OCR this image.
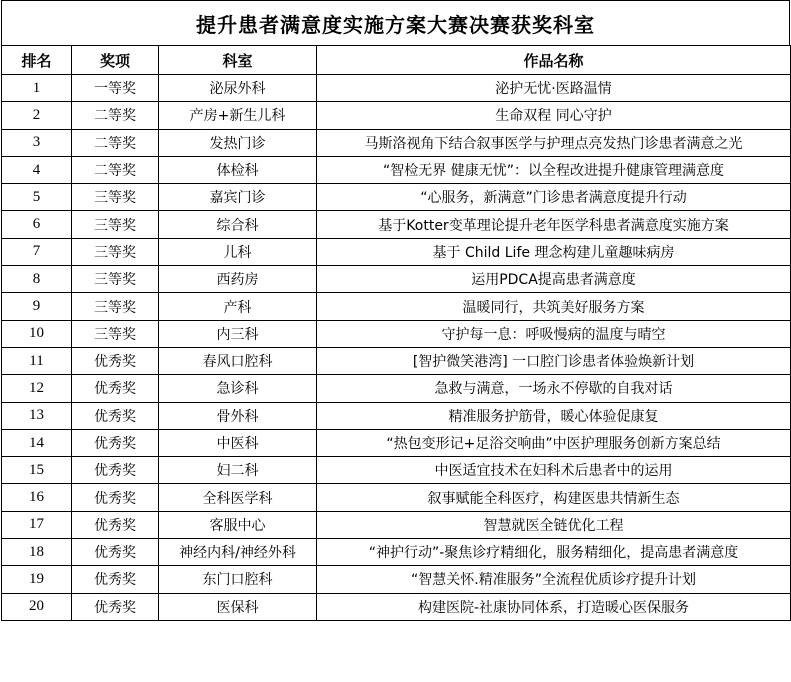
提升患者满意度实施方案大赛决赛获奖科室
排名	奖项	科室	作品名称
1	一等奖	泌尿外科	泌护无忧·医路温情
2	二等奖	产房+新生儿科	生命双程 同心守护
3	二等奖	发热门诊	马斯洛视角下结合叙事医学与护理点亮发热门诊患者满意之光
4	二等奖	体检科	“智检无界 健康无忧”：以全程改进提升健康管理满意度
5	三等奖	嘉宾门诊	“心服务，新满意”门诊患者满意度提升行动
6	三等奖	综合科	基于Kotter变革理论提升老年医学科患者满意度实施方案
7	三等奖	儿科	基于 Child Life 理念构建儿童趣味病房
8	三等奖	西药房	运用PDCA提高患者满意度
9	三等奖	产科	温暖同行，共筑美好服务方案
10	三等奖	内三科	守护每一息：呼吸慢病的温度与晴空
11	优秀奖	春风口腔科	[智护微笑港湾] 一口腔门诊患者体验焕新计划
12	优秀奖	急诊科	急救与满意，一场永不停歇的自我对话
13	优秀奖	骨外科	精准服务护筋骨，暖心体验促康复
14	优秀奖	中医科	“热包变形记+足浴交响曲”中医护理服务创新方案总结
15	优秀奖	妇二科	中医适宜技术在妇科术后患者中的运用
16	优秀奖	全科医学科	叙事赋能全科医疗，构建医患共情新生态
17	优秀奖	客服中心	智慧就医全链优化工程
18	优秀奖	神经内科/神经外科	“神护行动”-聚焦诊疗精细化，服务精细化，提高患者满意度
19	优秀奖	东门口腔科	“智慧关怀.精准服务”全流程优质诊疗提升计划
20	优秀奖	医保科	构建医院-社康协同体系，打造暖心医保服务
